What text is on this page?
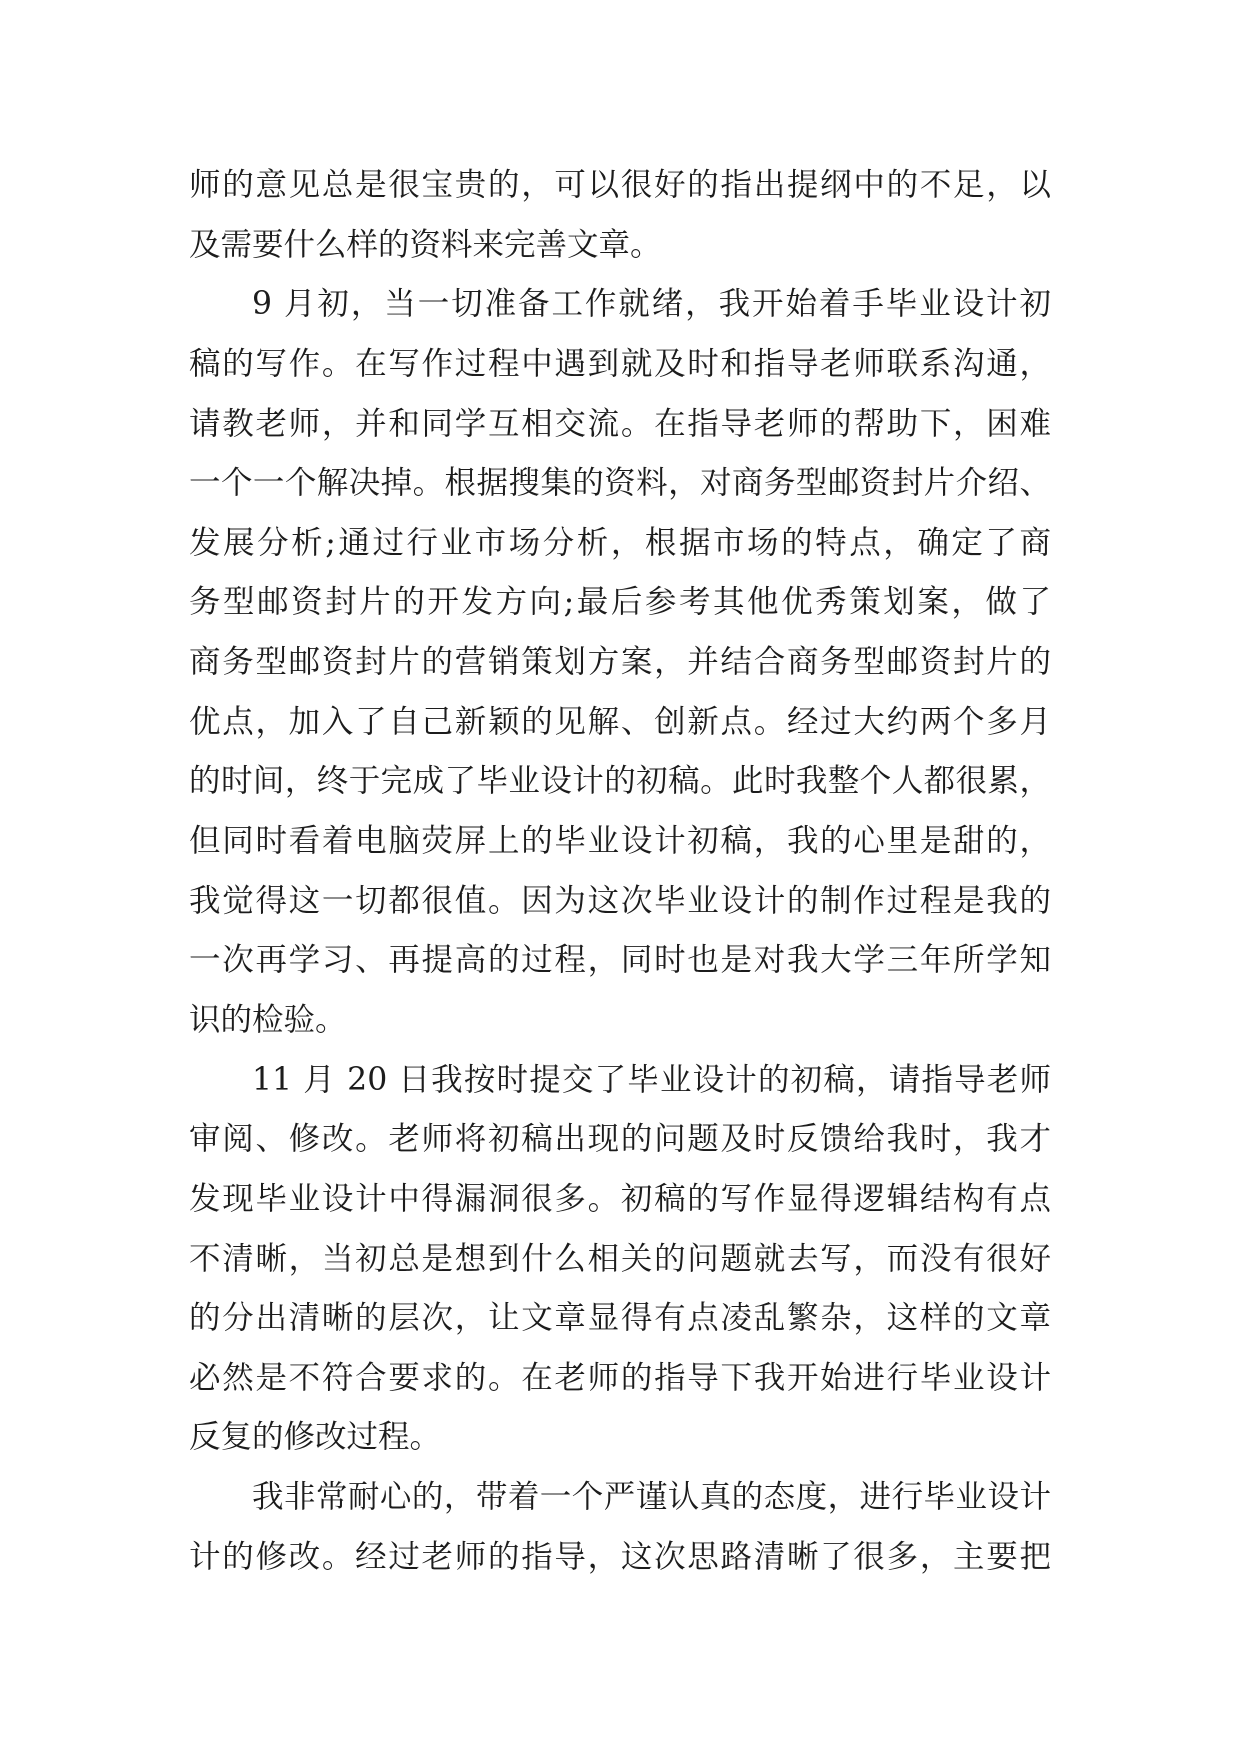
师的意见总是很宝贵的，可以很好的指出提纲中的不足，以
及需要什么样的资料来完善文章。
9 月初，当一切准备工作就绪，我开始着手毕业设计初
稿的写作。在写作过程中遇到就及时和指导老师联系沟通，
请教老师，并和同学互相交流。在指导老师的帮助下，困难
一个一个解决掉。根据搜集的资料，对商务型邮资封片介绍、
发展分析;通过行业市场分析，根据市场的特点，确定了商
务型邮资封片的开发方向;最后参考其他优秀策划案，做了
商务型邮资封片的营销策划方案，并结合商务型邮资封片的
优点，加入了自己新颖的见解、创新点。经过大约两个多月
的时间，终于完成了毕业设计的初稿。此时我整个人都很累，
但同时看着电脑荧屏上的毕业设计初稿，我的心里是甜的，
我觉得这一切都很值。因为这次毕业设计的制作过程是我的
一次再学习、再提高的过程，同时也是对我大学三年所学知
识的检验。
11 月 20 日我按时提交了毕业设计的初稿，请指导老师
审阅、修改。老师将初稿出现的问题及时反馈给我时，我才
发现毕业设计中得漏洞很多。初稿的写作显得逻辑结构有点
不清晰，当初总是想到什么相关的问题就去写，而没有很好
的分出清晰的层次，让文章显得有点凌乱繁杂，这样的文章
必然是不符合要求的。在老师的指导下我开始进行毕业设计
反复的修改过程。
我非常耐心的，带着一个严谨认真的态度，进行毕业设计
计的修改。经过老师的指导，这次思路清晰了很多，主要把
